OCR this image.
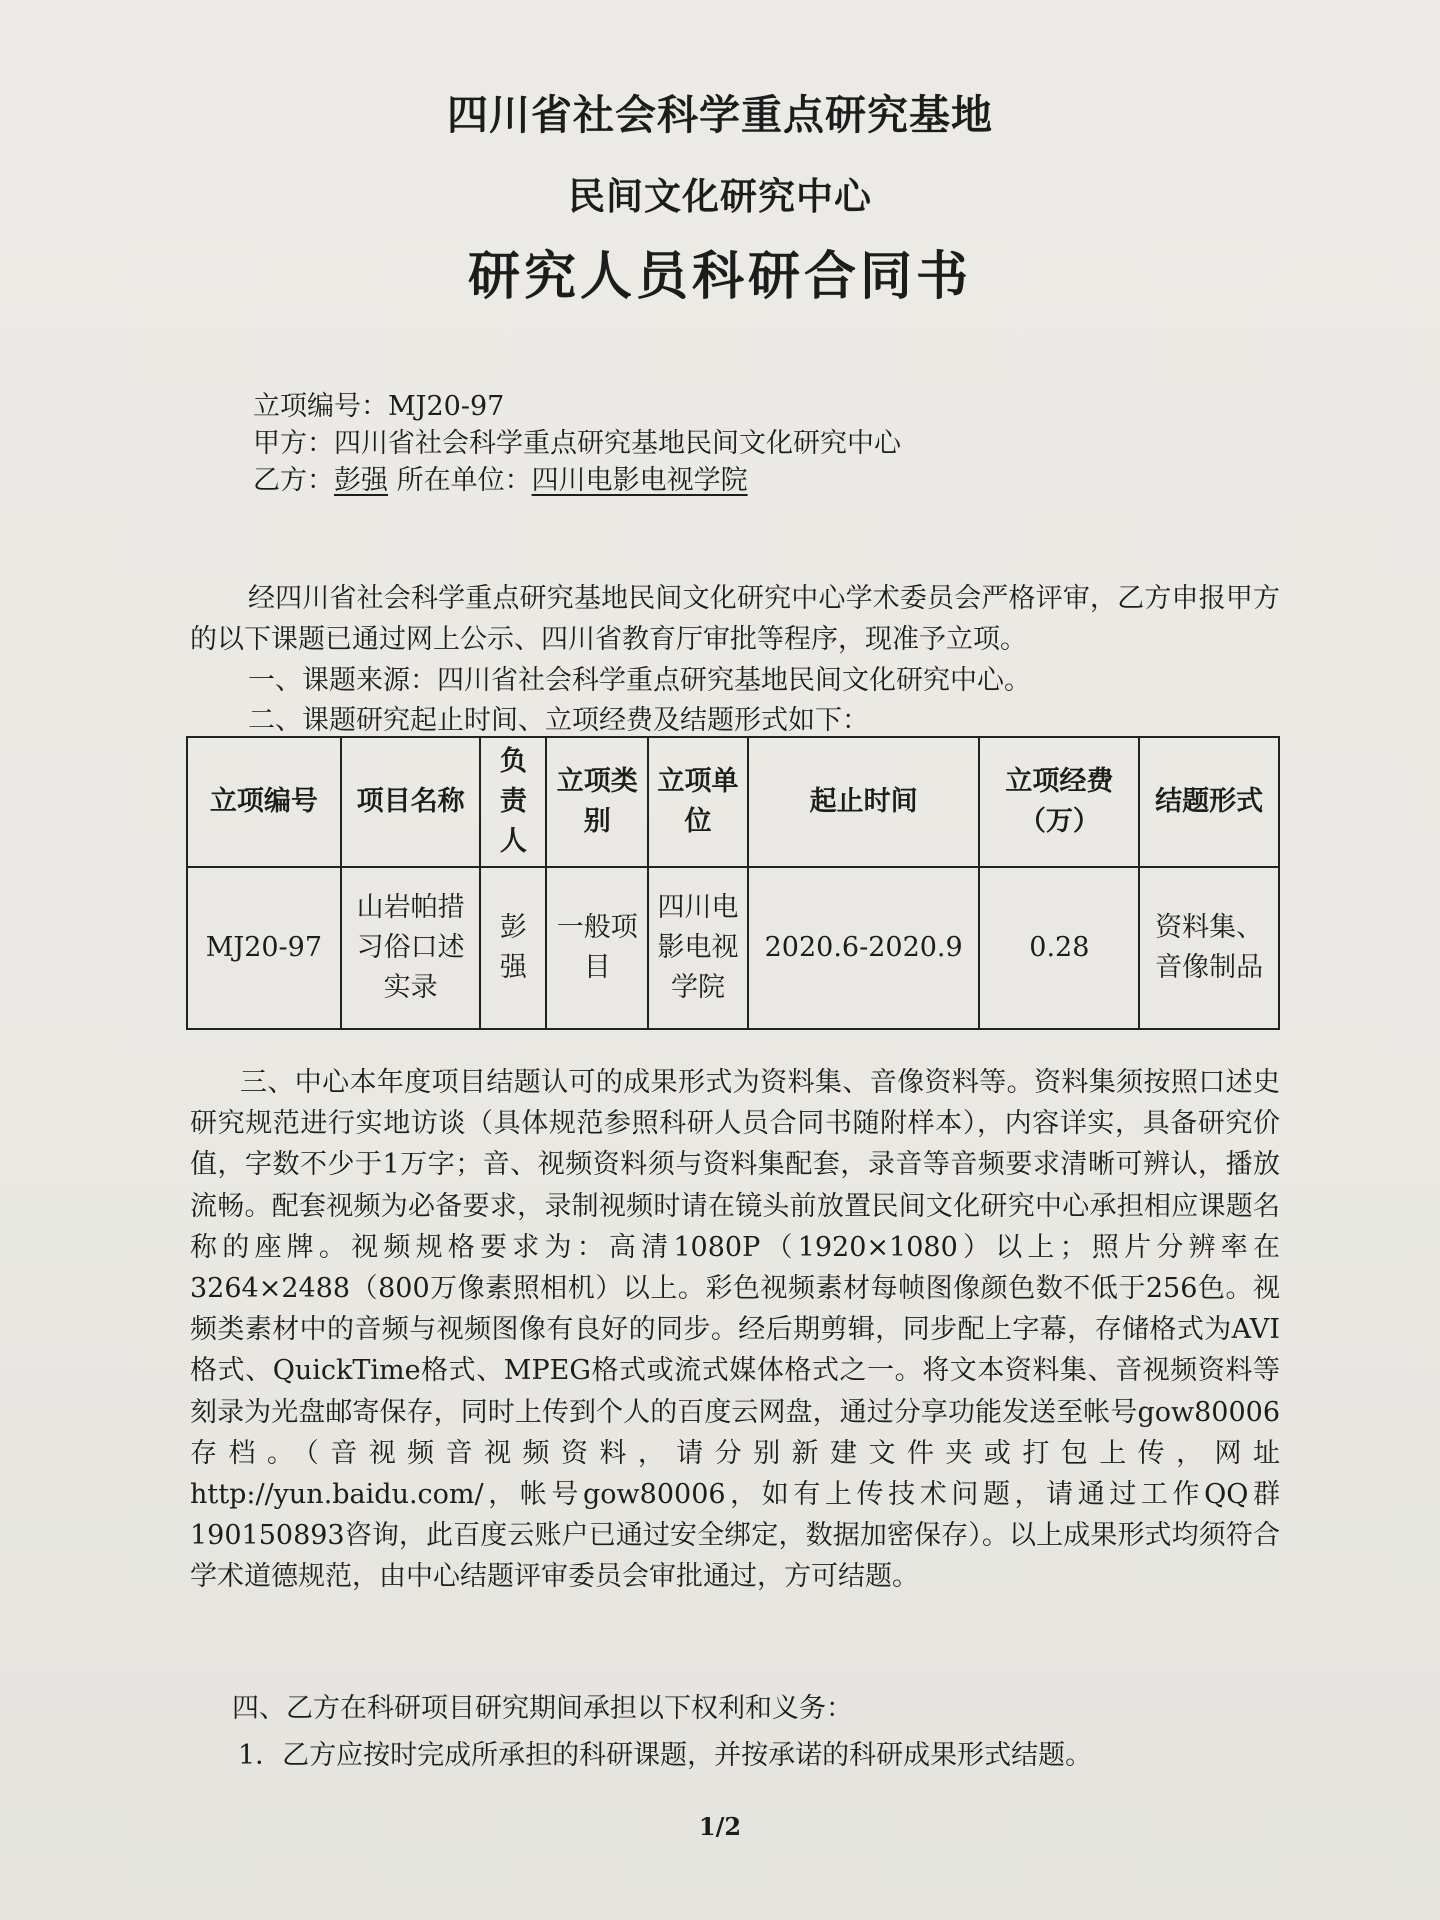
四川省社会科学重点研究基地
民间文化研究中心
研究人员科研合同书
立项编号：MJ20-97
甲方：四川省社会科学重点研究基地民间文化研究中心
乙方：彭强 所在单位：四川电影电视学院
经四川省社会科学重点研究基地民间文化研究中心学术委员会严格评审，乙方申报甲方的以下课题已通过网上公示、四川省教育厅审批等程序，现准予立项。
一、课题来源：四川省社会科学重点研究基地民间文化研究中心。
二、课题研究起止时间、立项经费及结题形式如下：
立项编号	项目名称	负责人	立项类别	立项单位	起止时间	立项经费（万）	结题形式
MJ20-97	山岩帕措习俗口述实录	彭强	一般项目	四川电影电视学院	2020.6-2020.9	0.28	资料集、音像制品
三、中心本年度项目结题认可的成果形式为资料集、音像资料等。资料集须按照口述史研究规范进行实地访谈（具体规范参照科研人员合同书随附样本），内容详实，具备研究价值，字数不少于1万字；音、视频资料须与资料集配套，录音等音频要求清晰可辨认，播放流畅。配套视频为必备要求，录制视频时请在镜头前放置民间文化研究中心承担相应课题名称的座牌。视频规格要求为：高清1080P（1920×1080）以上；照片分辨率在3264×2488（800万像素照相机）以上。彩色视频素材每帧图像颜色数不低于256色。视频类素材中的音频与视频图像有良好的同步。经后期剪辑，同步配上字幕，存储格式为AVI格式、QuickTime格式、MPEG格式或流式媒体格式之一。将文本资料集、音视频资料等刻录为光盘邮寄保存，同时上传到个人的百度云网盘，通过分享功能发送至帐号gow80006存档。（音视频音视频资料，请分别新建文件夹或打包上传，网址http://yun.baidu.com/，帐号gow80006，如有上传技术问题，请通过工作QQ群190150893咨询，此百度云账户已通过安全绑定，数据加密保存）。以上成果形式均须符合学术道德规范，由中心结题评审委员会审批通过，方可结题。
四、乙方在科研项目研究期间承担以下权利和义务：
1．乙方应按时完成所承担的科研课题，并按承诺的科研成果形式结题。
1/2
